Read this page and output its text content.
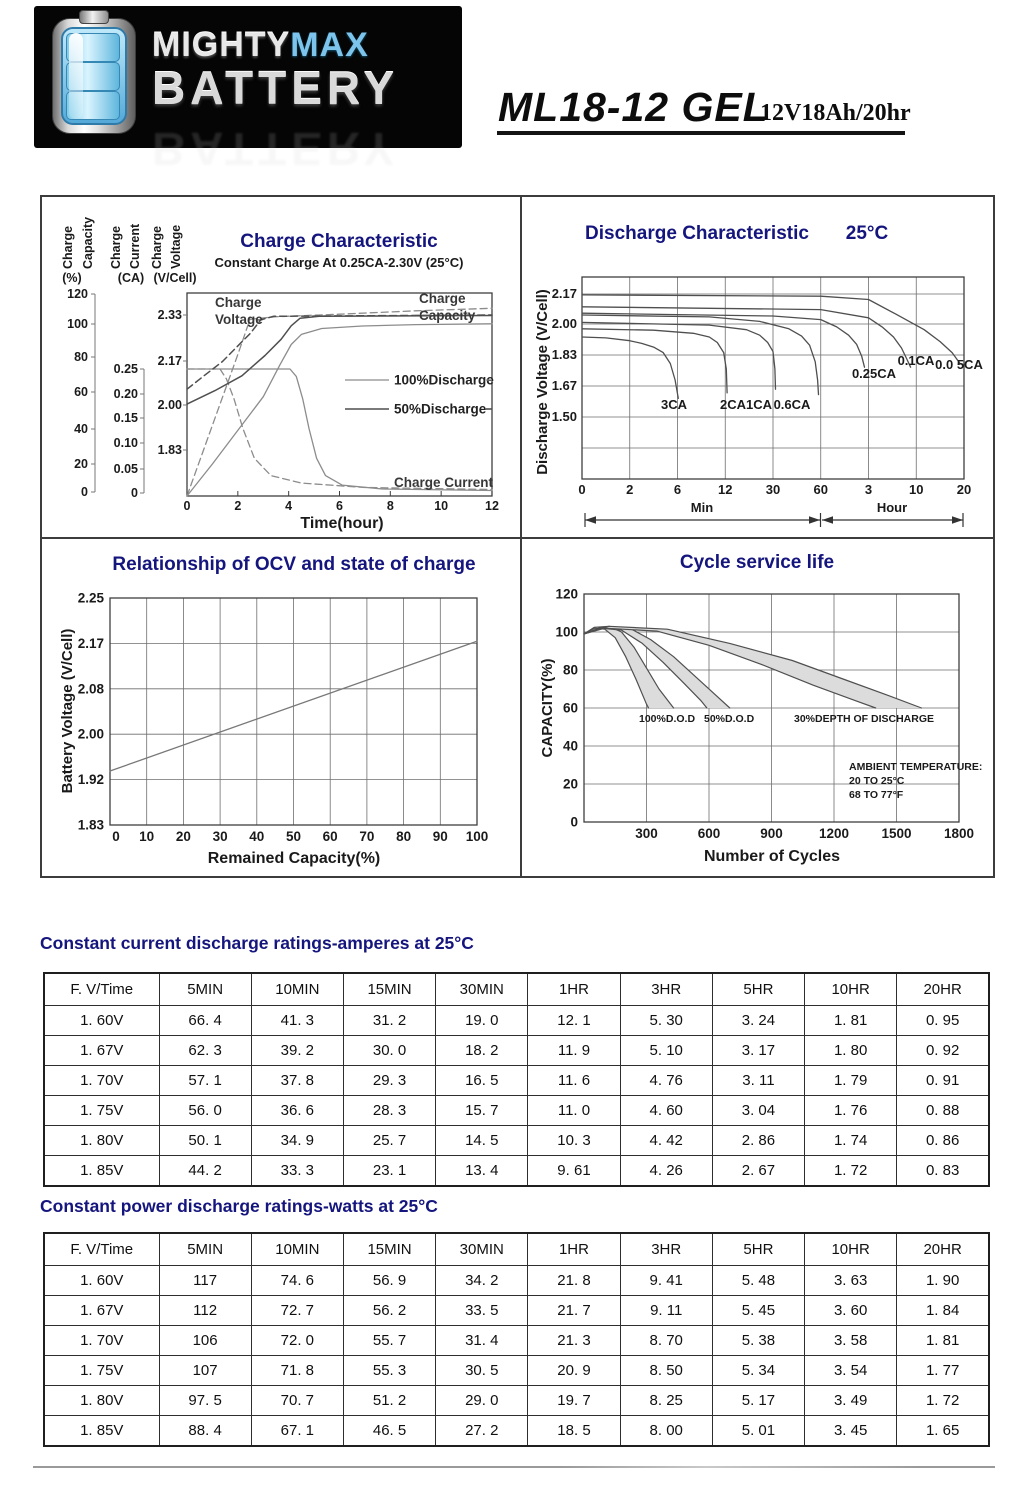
MIGHTYMAX
BATTERY
BATTERY
ML18-12 GEL
12V18Ah/20hr
Charge Characteristic
Constant Charge At 0.25CA-2.30V (25°C)
Charge Capacity Charge Current Charge Voltage
(%)	(CA) (V/Cell)
120
100
80
60
40
20
0
0.25
0.20
0.15
0.10
0.05
0
2.33
2.17
2.00
1.83
0	2	4	6	8	10	12
Time(hour)
Charge
Voltage
Charge
Capacity
Charge Current
100%Discharge
50%Discharge
Discharge Characteristic 25°C
2.17
2.00
1.83
1.67
1.50
0	2	6	12	30	60	3	10	20
Discharge Voltage (V/Cell)	3CA	2CA 1CA 0.6CA
0.25CA
0.1CA 0.0 5CA
Min	Hour
Relationship of OCV and state of charge
2.25
2.17
2.08
2.00
1.92
1.83
0 10 20 30 40 50 60 70 80 90 100
Battery Voltage (V/Cell)
Remained Capacity(%)
Cycle service life
120
100
80
60
40
20
0
300	600	900	1200 1500 1800
CAPACITY(%)
Number of Cycles
100%D.O.D 50%D.O.D	30%DEPTH OF DISCHARGE
AMBIENT TEMPERATURE:
20 TO 25°C
68 TO 77°F
Constant current discharge ratings-amperes at 25°C
F. V/Time	5MIN	10MIN	15MIN	30MIN	1HR	3HR	5HR	10HR	20HR
1. 60V	66. 4	41. 3	31. 2	19. 0	12. 1	5. 30	3. 24	1. 81	0. 95
1. 67V	62. 3	39. 2	30. 0	18. 2	11. 9	5. 10	3. 17	1. 80	0. 92
1. 70V	57. 1	37. 8	29. 3	16. 5	11. 6	4. 76	3. 11	1. 79	0. 91
1. 75V	56. 0	36. 6	28. 3	15. 7	11. 0	4. 60	3. 04	1. 76	0. 88
1. 80V	50. 1	34. 9	25. 7	14. 5	10. 3	4. 42	2. 86	1. 74	0. 86
1. 85V	44. 2	33. 3	23. 1	13. 4	9. 61	4. 26	2. 67	1. 72	0. 83
Constant power discharge ratings-watts at 25°C
F. V/Time	5MIN	10MIN	15MIN	30MIN	1HR	3HR	5HR	10HR	20HR
1. 60V	117	74. 6	56. 9	34. 2	21. 8	9. 41	5. 48	3. 63	1. 90
1. 67V	112	72. 7	56. 2	33. 5	21. 7	9. 11	5. 45	3. 60	1. 84
1. 70V	106	72. 0	55. 7	31. 4	21. 3	8. 70	5. 38	3. 58	1. 81
1. 75V	107	71. 8	55. 3	30. 5	20. 9	8. 50	5. 34	3. 54	1. 77
1. 80V	97. 5	70. 7	51. 2	29. 0	19. 7	8. 25	5. 17	3. 49	1. 72
1. 85V	88. 4	67. 1	46. 5	27. 2	18. 5	8. 00	5. 01	3. 45	1. 65
